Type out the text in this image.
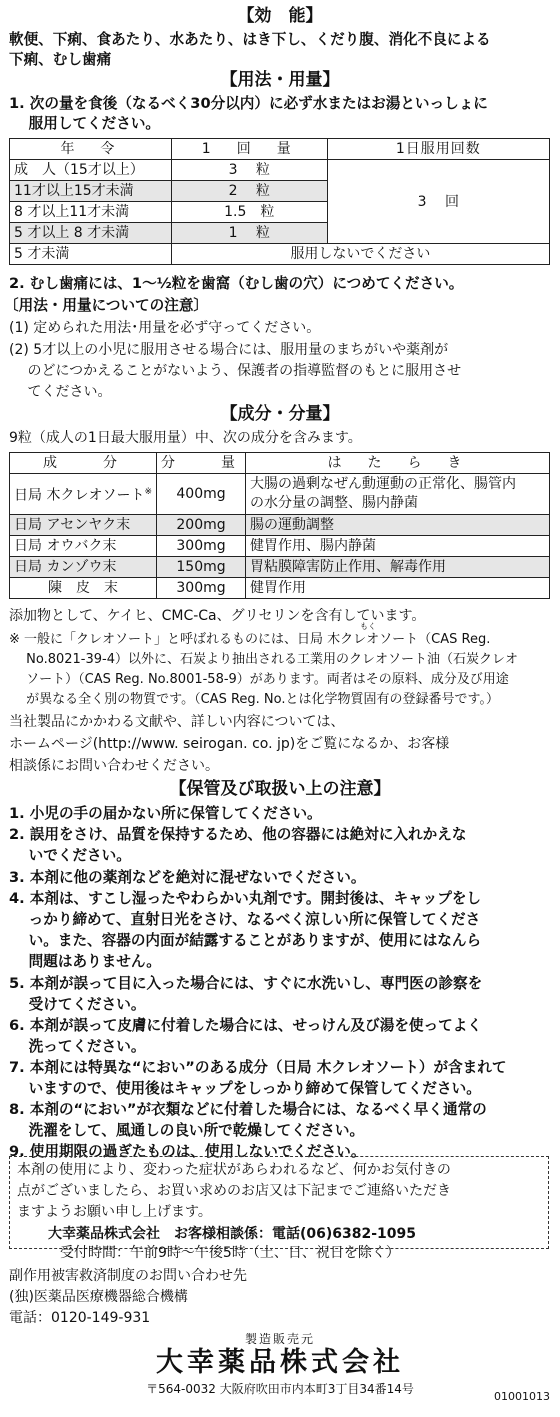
【効　能】
軟便、下痢、食あたり、水あたり、はき下し、くだり腹、消化不良による
下痢、むし歯痛
【用法・用量】
1. 次の量を食後（なるべく30分以内）に必ず水またはお湯といっしょに
　 服用してください。
年　令	1　回　量	1日服用回数
成　人（15才以上）	3　 粒	3　 回
11才以上15才未満	2　 粒	
8 才以上11才未満	1.5　粒	
5 才以上 8 才未満	1　 粒	
5 才未満	服用しないでください	
2. むし歯痛には、1〜½粒を歯窩（むし歯の穴）につめてください。
〔用法・用量についての注意〕
(1) 定められた用法･用量を必ず守ってください。
(2) 5才以上の小児に服用させる場合には、服用量のまちがいや薬剤が
　 のどにつかえることがないよう、保護者の指導監督のもとに服用させ
　 てください。
【成分・分量】
9粒（成人の1日最大服用量）中、次の成分を含みます。
成　　分	分　　量	は　た　ら　き
日局 木クレオソート※	400mg	大腸の過剰なぜん動運動の正常化、腸管内
の水分量の調整、腸内静菌

日局 アセンヤク末	200mg	腸の運動調整
日局 オウバク末	300mg	健胃作用、腸内静菌
日局 カンゾウ末	150mg	胃粘膜障害防止作用、解毒作用
陳　皮　末	300mg	健胃作用
添加物として、ケイヒ、CMC-Ca、グリセリンを含有しています。
もく
※ 一般に「クレオソート」と呼ばれるものには、日局 木クレオソート（CAS Reg.
　 No.8021-39-4）以外に、石炭より抽出される工業用のクレオソート油（石炭クレオ
　 ソート）（CAS Reg. No.8001-58-9）があります。両者はその原料、成分及び用途
　 が異なる全く別の物質です。（CAS Reg. No.とは化学物質固有の登録番号です。）
当社製品にかかわる文献や、詳しい内容については、
ホームページ(http://www. seirogan. co. jp)をご覧になるか、お客様
相談係にお問い合わせください。
【保管及び取扱い上の注意】
1. 小児の手の届かない所に保管してください。
2. 誤用をさけ、品質を保持するため、他の容器には絶対に入れかえな
　 いでください。
3. 本剤に他の薬剤などを絶対に混ぜないでください。
4. 本剤は、すこし湿ったやわらかい丸剤です。開封後は、キャップをし
　 っかり締めて、直射日光をさけ、なるべく涼しい所に保管してくださ
　 い。また、容器の内面が結露することがありますが、使用にはなんら
　 問題はありません。
5. 本剤が誤って目に入った場合には、すぐに水洗いし、専門医の診察を
　 受けてください。
6. 本剤が誤って皮膚に付着した場合には、せっけん及び湯を使ってよく
　 洗ってください。
7. 本剤には特異な“におい”のある成分（日局 木クレオソート）が含まれて
　 いますので、使用後はキャップをしっかり締めて保管してください。
8. 本剤の“におい”が衣類などに付着した場合には、なるべく早く通常の
　 洗濯をして、風通しの良い所で乾燥してください。
9. 使用期限の過ぎたものは、使用しないでください。
本剤の使用により、変わった症状があらわれるなど、何かお気付きの
点がございましたら、お買い求めのお店又は下記までご連絡いただき
ますようお願い申し上げます。
大幸薬品株式会社　お客様相談係：電話(06)6382-1095
受付時間：午前9時〜午後5時（土、日、祝日を除く）
副作用被害救済制度のお問い合わせ先
(独)医薬品医療機器総合機構
電話：0120-149-931
製造販売元
大幸薬品株式会社
〒564-0032 大阪府吹田市内本町3丁目34番14号
01001013
